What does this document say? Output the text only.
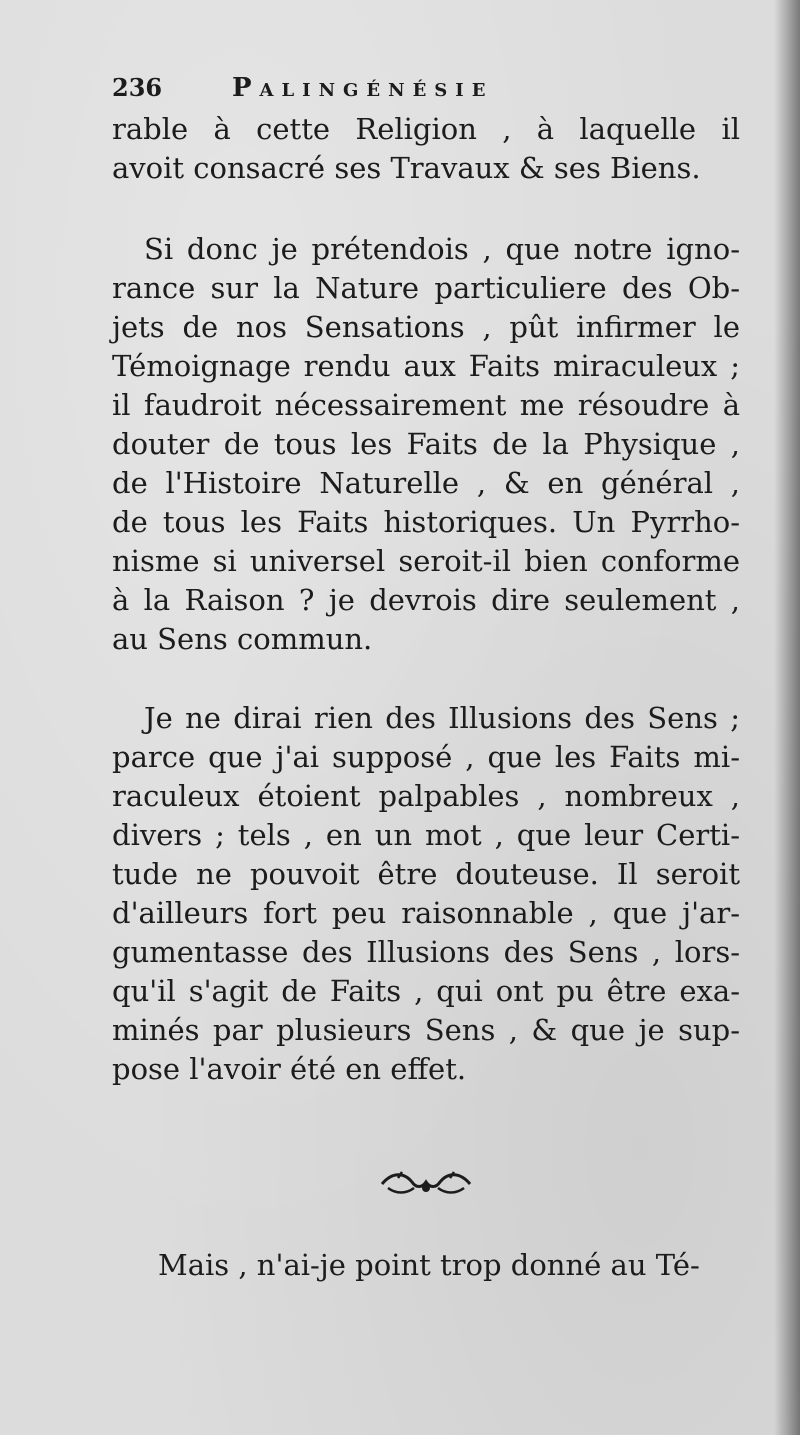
236	Palingénésie
rable à cette Religion , à laquelle il
avoit consacré ses Travaux & ses Biens.
Si donc je prétendois , que notre igno-
rance sur la Nature particuliere des Ob-
jets de nos Sensations , pût infirmer le
Témoignage rendu aux Faits miraculeux ;
il faudroit nécessairement me résoudre à
douter de tous les Faits de la Physique ,
de l'Histoire Naturelle , & en général ,
de tous les Faits historiques. Un Pyrrho-
nisme si universel seroit-il bien conforme
à la Raison ? je devrois dire seulement ,
au Sens commun.
Je ne dirai rien des Illusions des Sens ;
parce que j'ai supposé , que les Faits mi-
raculeux étoient palpables , nombreux ,
divers ; tels , en un mot , que leur Certi-
tude ne pouvoit être douteuse. Il seroit
d'ailleurs fort peu raisonnable , que j'ar-
gumentasse des Illusions des Sens , lors-
qu'il s'agit de Faits , qui ont pu être exa-
minés par plusieurs Sens , & que je sup-
pose l'avoir été en effet.
Mais , n'ai-je point trop donné au Té-
